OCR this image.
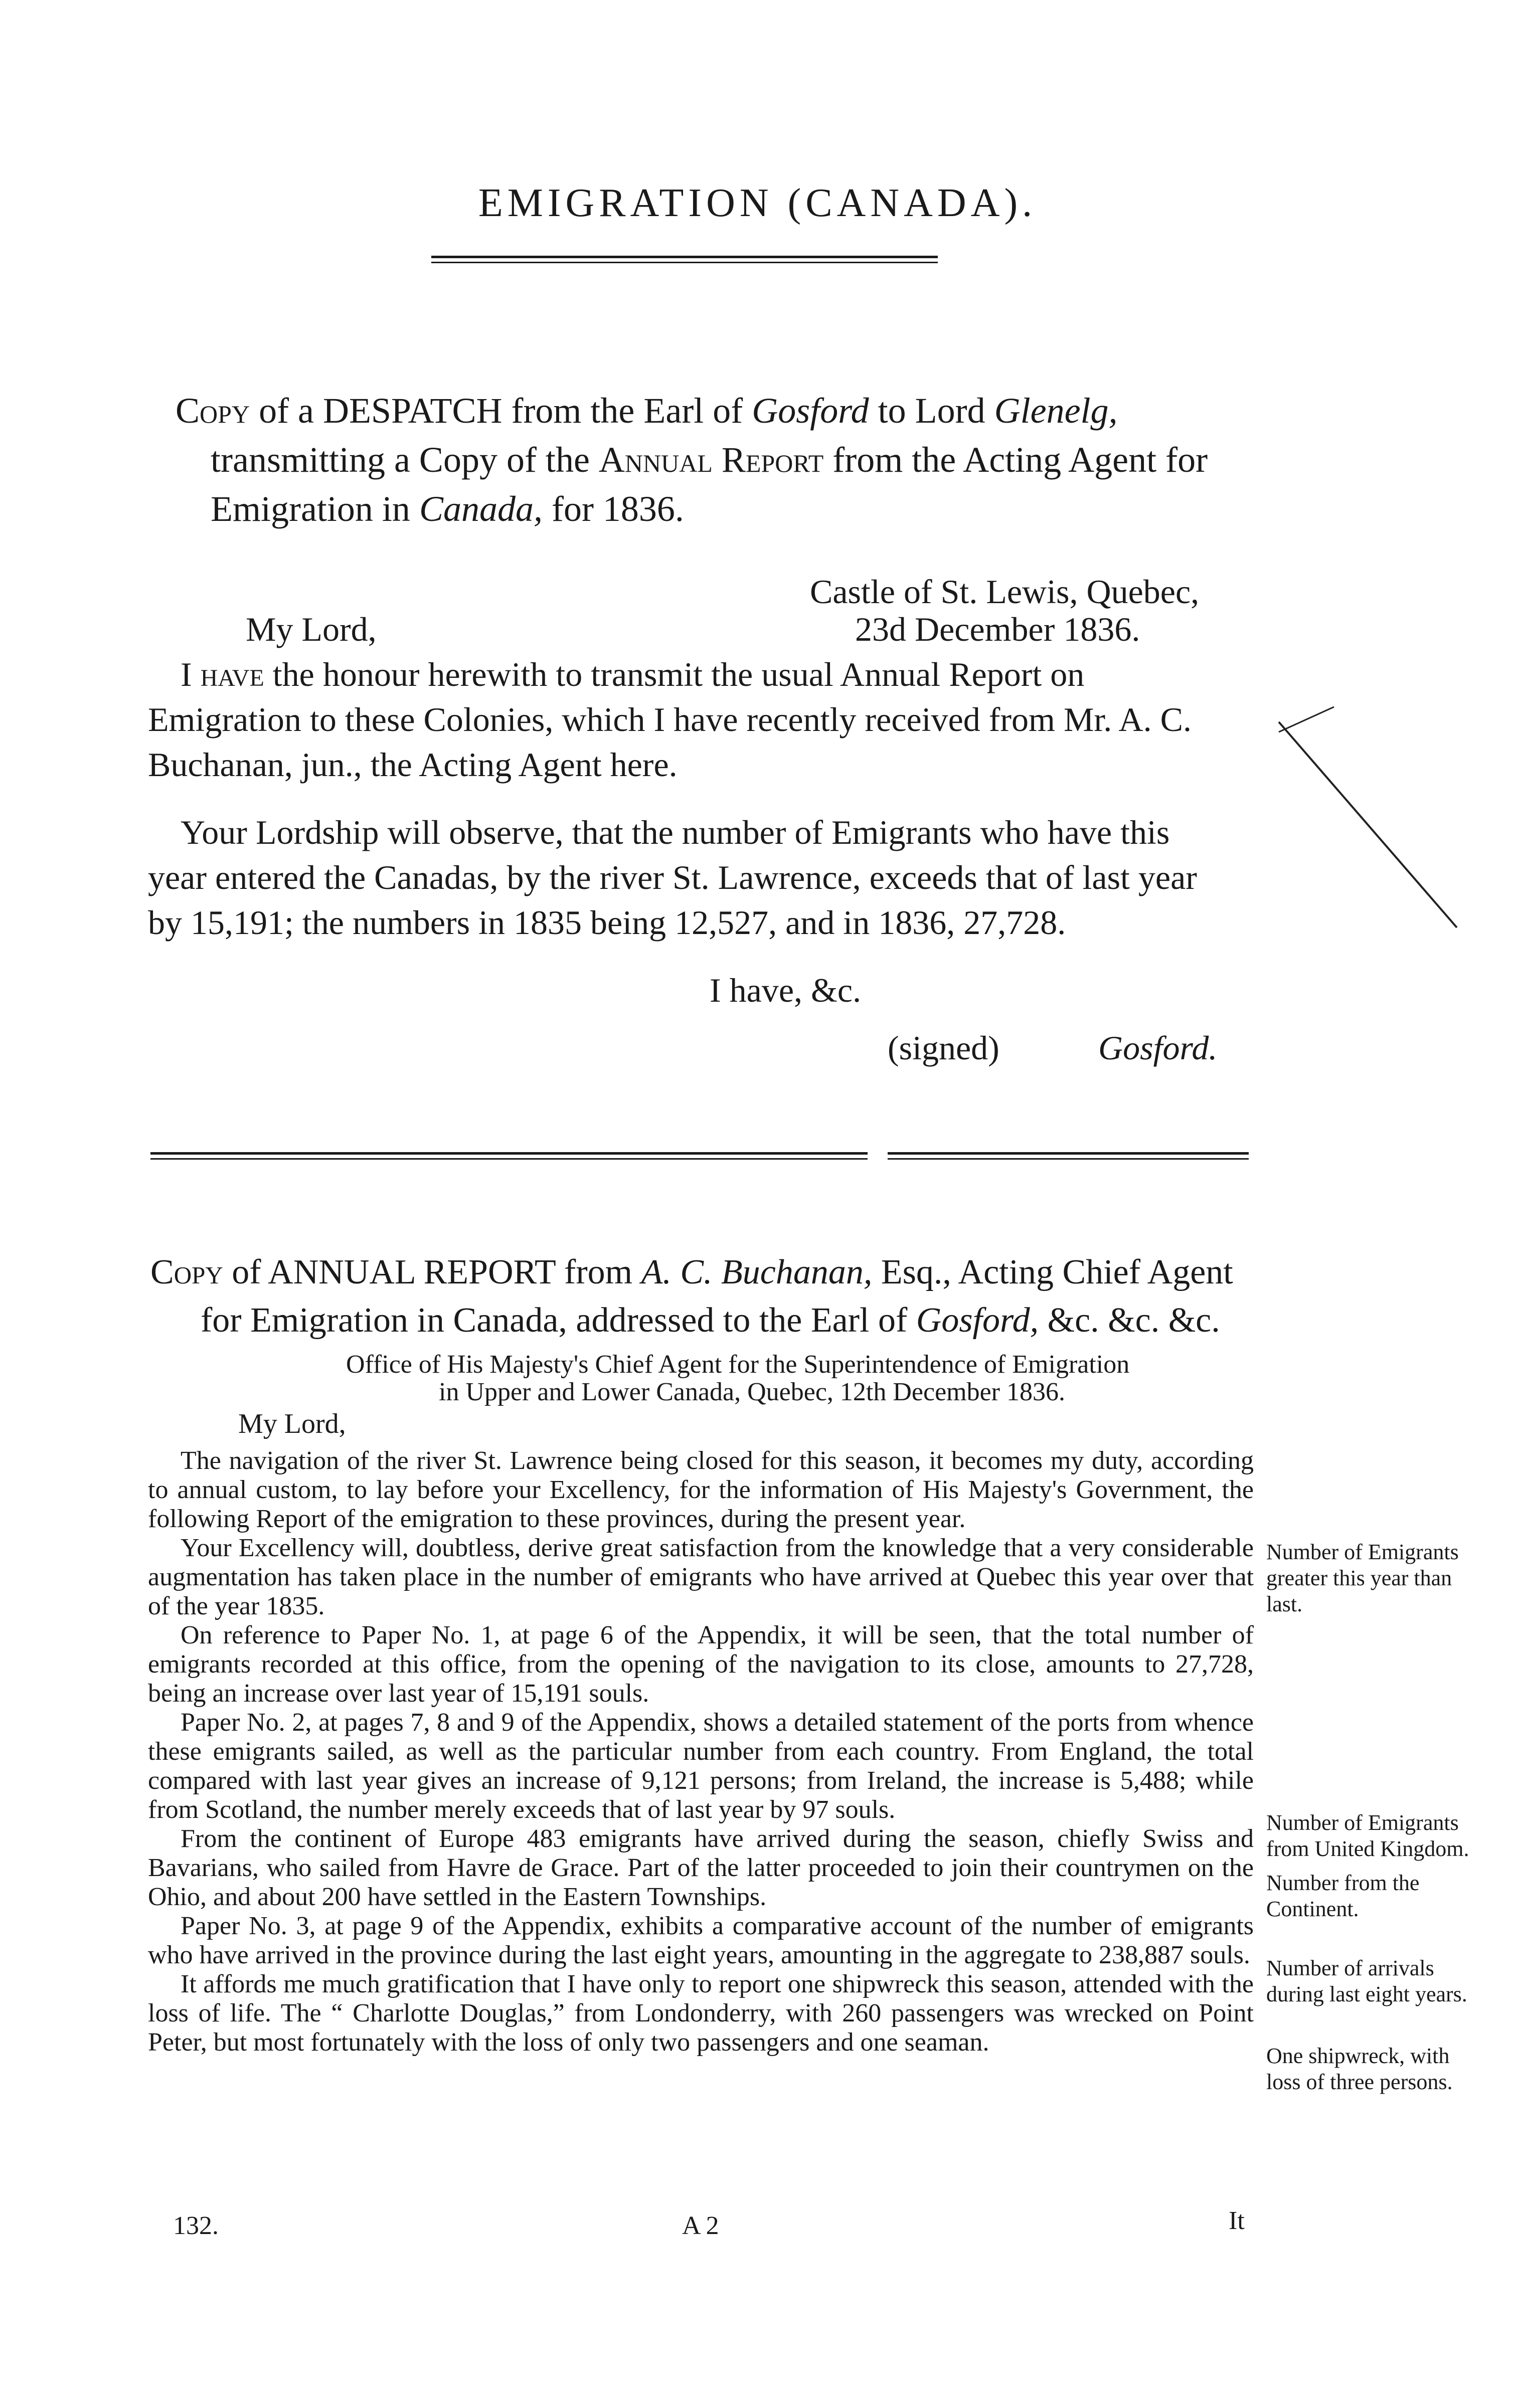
EMIGRATION (CANADA).
Copy of a DESPATCH from the Earl of Gosford to Lord Glenelg,
transmitting a Copy of the Annual Report from the Acting Agent for
Emigration in Canada, for 1836.
Castle of St. Lewis, Quebec,
My Lord,	23d December 1836.
I have the honour herewith to transmit the usual Annual Report on
Emigration to these Colonies, which I have recently received from Mr. A. C.
Buchanan, jun., the Acting Agent here.
Your Lordship will observe, that the number of Emigrants who have this
year entered the Canadas, by the river St. Lawrence, exceeds that of last year
by 15,191; the numbers in 1835 being 12,527, and in 1836, 27,728.
I have, &c.
(signed)	Gosford.
Copy of ANNUAL REPORT from A. C. Buchanan, Esq., Acting Chief Agent
for Emigration in Canada, addressed to the Earl of Gosford, &c. &c. &c.
Office of His Majesty's Chief Agent for the Superintendence of Emigration
in Upper and Lower Canada, Quebec, 12th December 1836.
My Lord,

The navigation of the river St. Lawrence being closed for this season, it becomes my duty, according to annual custom, to lay before your Excellency, for the information of His Majesty's Government, the following Report of the emigration to these provinces, during the present year.

Your Excellency will, doubtless, derive great satisfaction from the knowledge that a very considerable augmentation has taken place in the number of emigrants who have arrived at Quebec this year over that of the year 1835.

On reference to Paper No. 1, at page 6 of the Appendix, it will be seen, that the total number of emigrants recorded at this office, from the opening of the navigation to its close, amounts to 27,728, being an increase over last year of 15,191 souls.

Paper No. 2, at pages 7, 8 and 9 of the Appendix, shows a detailed statement of the ports from whence these emigrants sailed, as well as the particular number from each country. From England, the total compared with last year gives an increase of 9,121 persons; from Ireland, the increase is 5,488; while from Scotland, the number merely exceeds that of last year by 97 souls.

From the continent of Europe 483 emigrants have arrived during the season, chiefly Swiss and Bavarians, who sailed from Havre de Grace. Part of the latter proceeded to join their countrymen on the Ohio, and about 200 have settled in the Eastern Townships.

Paper No. 3, at page 9 of the Appendix, exhibits a comparative account of the number of emigrants who have arrived in the province during the last eight years, amounting in the aggregate to 238,887 souls.

It affords me much gratification that I have only to report one shipwreck this season, attended with the loss of life. The “ Charlotte Douglas,” from Londonderry, with 260 passengers was wrecked on Point Peter, but most fortunately with the loss of only two passengers and one seaman.

Number of Emigrants greater this year than last.
Number of Emigrants from United Kingdom.
Number from the Continent.
Number of arrivals during last eight years.
One shipwreck, with loss of three persons.
132.	A 2	It
